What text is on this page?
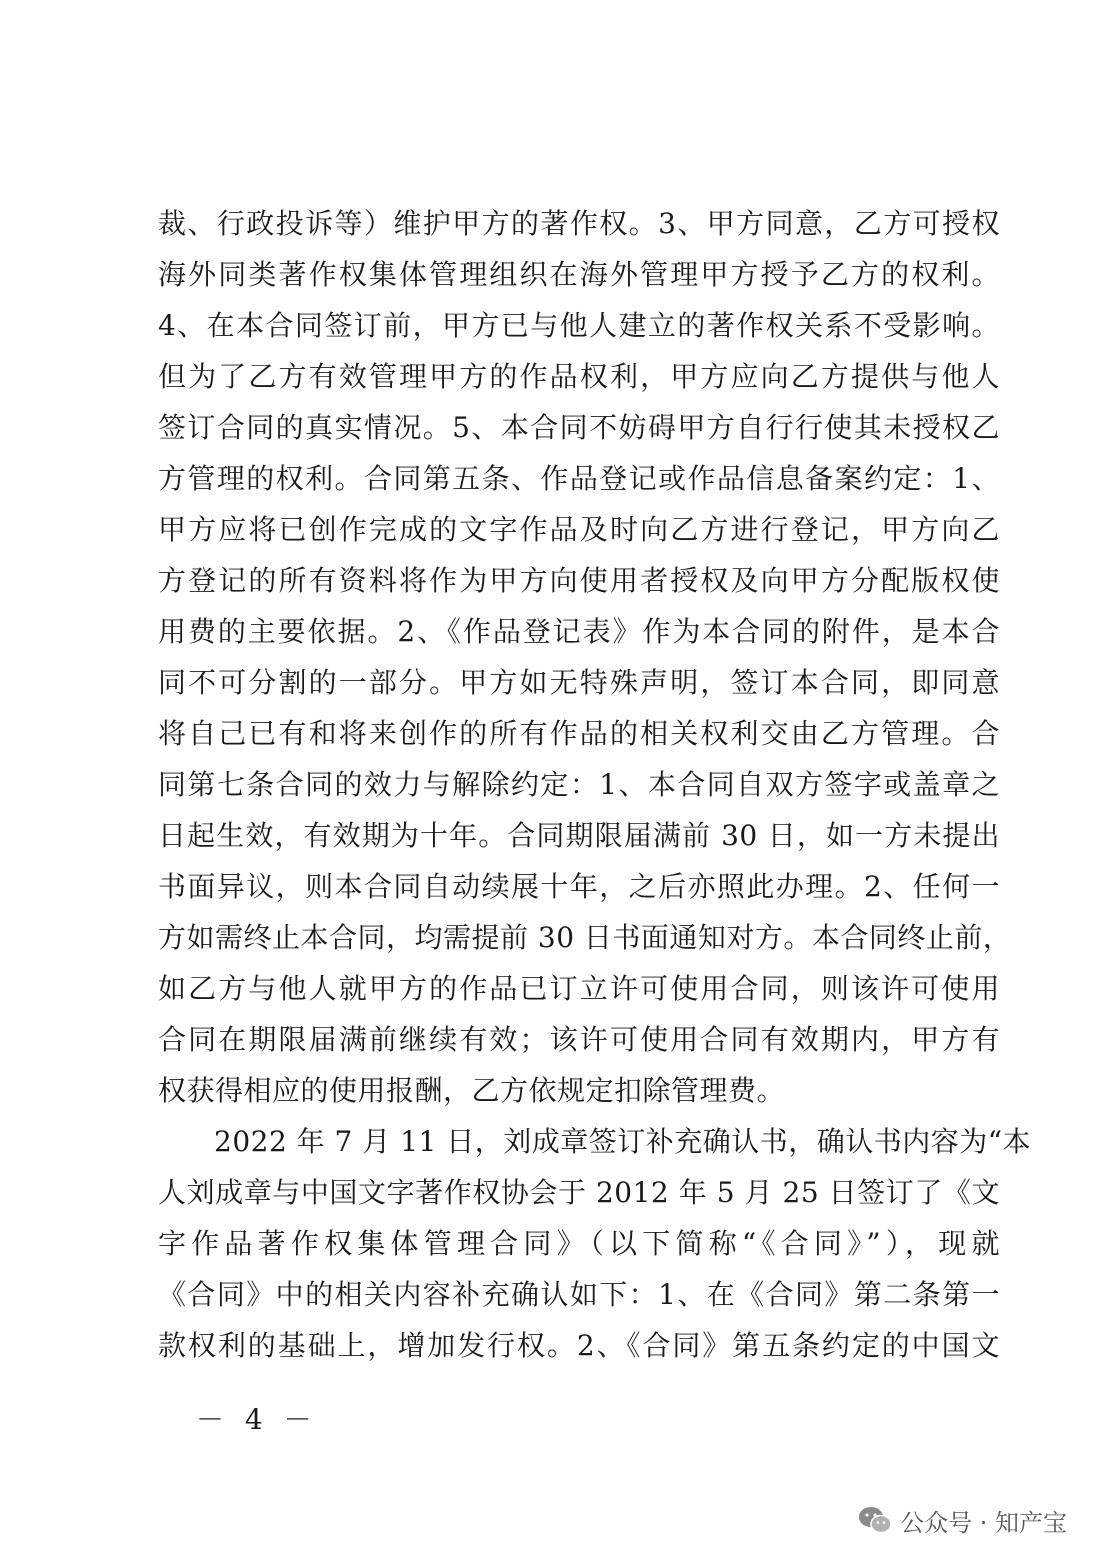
裁、行政投诉等）维护甲方的著作权。3、甲方同意，乙方可授权
海外同类著作权集体管理组织在海外管理甲方授予乙方的权利。
4、在本合同签订前，甲方已与他人建立的著作权关系不受影响。
但为了乙方有效管理甲方的作品权利，甲方应向乙方提供与他人
签订合同的真实情况。5、本合同不妨碍甲方自行行使其未授权乙
方管理的权利。合同第五条、作品登记或作品信息备案约定：1、
甲方应将已创作完成的文字作品及时向乙方进行登记，甲方向乙
方登记的所有资料将作为甲方向使用者授权及向甲方分配版权使
用费的主要依据。2、《作品登记表》作为本合同的附件，是本合
同不可分割的一部分。甲方如无特殊声明，签订本合同，即同意
将自己已有和将来创作的所有作品的相关权利交由乙方管理。合
同第七条合同的效力与解除约定：1、本合同自双方签字或盖章之
日起生效，有效期为十年。合同期限届满前 30 日，如一方未提出
书面异议，则本合同自动续展十年，之后亦照此办理。2、任何一
方如需终止本合同，均需提前 30 日书面通知对方。本合同终止前，
如乙方与他人就甲方的作品已订立许可使用合同，则该许可使用
合同在期限届满前继续有效；该许可使用合同有效期内，甲方有
权获得相应的使用报酬，乙方依规定扣除管理费。
2022 年 7 月 11 日，刘成章签订补充确认书，确认书内容为“本
人刘成章与中国文字著作权协会于 2012 年 5 月 25 日签订了《文
字作品著作权集体管理合同》（以下简称“《合同》”），现就
《合同》中的相关内容补充确认如下：1、在《合同》第二条第一
款权利的基础上，增加发行权。2、《合同》第五条约定的中国文
－ 4 －
公众号 · 知产宝
